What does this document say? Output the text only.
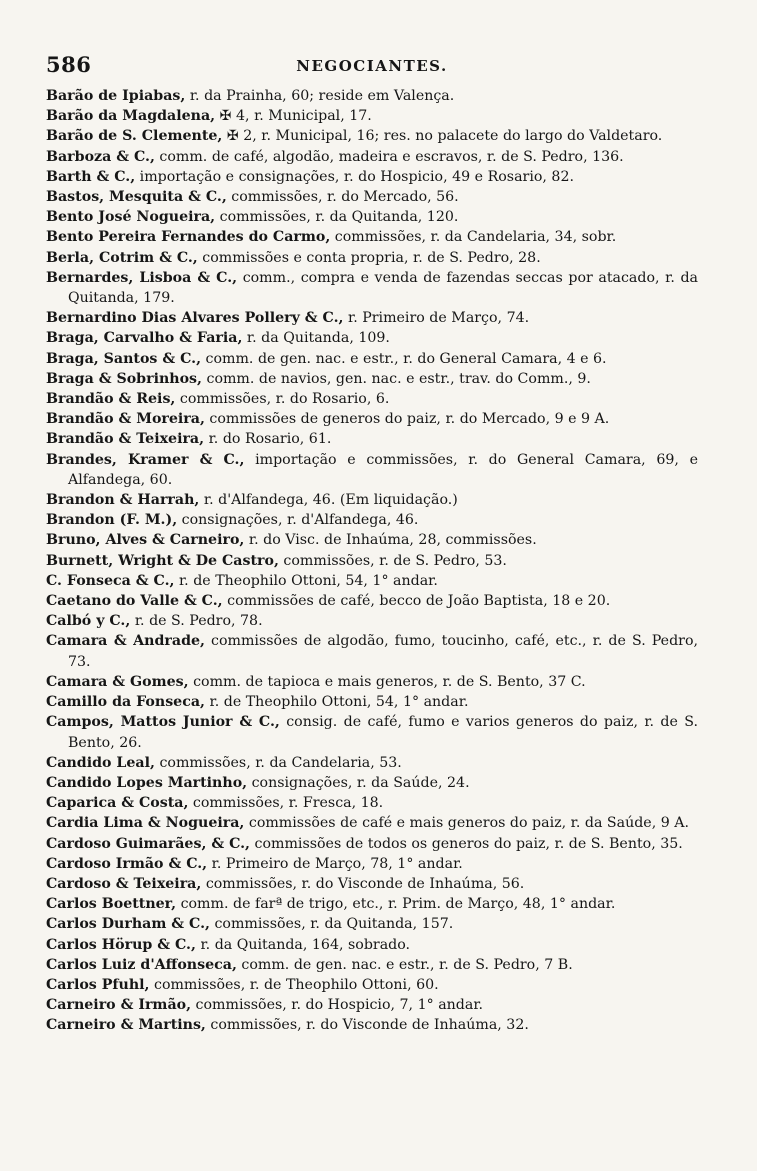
586	NEGOCIANTES.
Barão de Ipiabas, r. da Prainha, 60; reside em Valença.
Barão da Magdalena, ✠ 4, r. Municipal, 17.
Barão de S. Clemente, ✠ 2, r. Municipal, 16; res. no palacete do largo do Valdetaro.
Barboza & C., comm. de café, algodão, madeira e escravos, r. de S. Pedro, 136.
Barth & C., importação e consignações, r. do Hospicio, 49 e Rosario, 82.
Bastos, Mesquita & C., commissões, r. do Mercado, 56.
Bento José Nogueira, commissões, r. da Quitanda, 120.
Bento Pereira Fernandes do Carmo, commissões, r. da Candelaria, 34, sobr.
Berla, Cotrim & C., commissões e conta propria, r. de S. Pedro, 28.
Bernardes, Lisboa & C., comm., compra e venda de fazendas seccas por atacado, r. da Quitanda, 179.
Bernardino Dias Alvares Pollery & C., r. Primeiro de Março, 74.
Braga, Carvalho & Faria, r. da Quitanda, 109.
Braga, Santos & C., comm. de gen. nac. e estr., r. do General Camara, 4 e 6.
Braga & Sobrinhos, comm. de navios, gen. nac. e estr., trav. do Comm., 9.
Brandão & Reis, commissões, r. do Rosario, 6.
Brandão & Moreira, commissões de generos do paiz, r. do Mercado, 9 e 9 A.
Brandão & Teixeira, r. do Rosario, 61.
Brandes, Kramer & C., importação e commissões, r. do General Camara, 69, e Alfandega, 60.
Brandon & Harrah, r. d'Alfandega, 46. (Em liquidação.)
Brandon (F. M.), consignações, r. d'Alfandega, 46.
Bruno, Alves & Carneiro, r. do Visc. de Inhaúma, 28, commissões.
Burnett, Wright & De Castro, commissões, r. de S. Pedro, 53.
C. Fonseca & C., r. de Theophilo Ottoni, 54, 1° andar.
Caetano do Valle & C., commissões de café, becco de João Baptista, 18 e 20.
Calbó y C., r. de S. Pedro, 78.
Camara & Andrade, commissões de algodão, fumo, toucinho, café, etc., r. de S. Pedro, 73.
Camara & Gomes, comm. de tapioca e mais generos, r. de S. Bento, 37 C.
Camillo da Fonseca, r. de Theophilo Ottoni, 54, 1° andar.
Campos, Mattos Junior & C., consig. de café, fumo e varios generos do paiz, r. de S. Bento, 26.
Candido Leal, commissões, r. da Candelaria, 53.
Candido Lopes Martinho, consignações, r. da Saúde, 24.
Caparica & Costa, commissões, r. Fresca, 18.
Cardia Lima & Nogueira, commissões de café e mais generos do paiz, r. da Saúde, 9 A.
Cardoso Guimarães, & C., commissões de todos os generos do paiz, r. de S. Bento, 35.
Cardoso Irmão & C., r. Primeiro de Março, 78, 1° andar.
Cardoso & Teixeira, commissões, r. do Visconde de Inhaúma, 56.
Carlos Boettner, comm. de farª de trigo, etc., r. Prim. de Março, 48, 1° andar.
Carlos Durham & C., commissões, r. da Quitanda, 157.
Carlos Hörup & C., r. da Quitanda, 164, sobrado.
Carlos Luiz d'Affonseca, comm. de gen. nac. e estr., r. de S. Pedro, 7 B.
Carlos Pfuhl, commissões, r. de Theophilo Ottoni, 60.
Carneiro & Irmão, commissões, r. do Hospicio, 7, 1° andar.
Carneiro & Martins, commissões, r. do Visconde de Inhaúma, 32.
